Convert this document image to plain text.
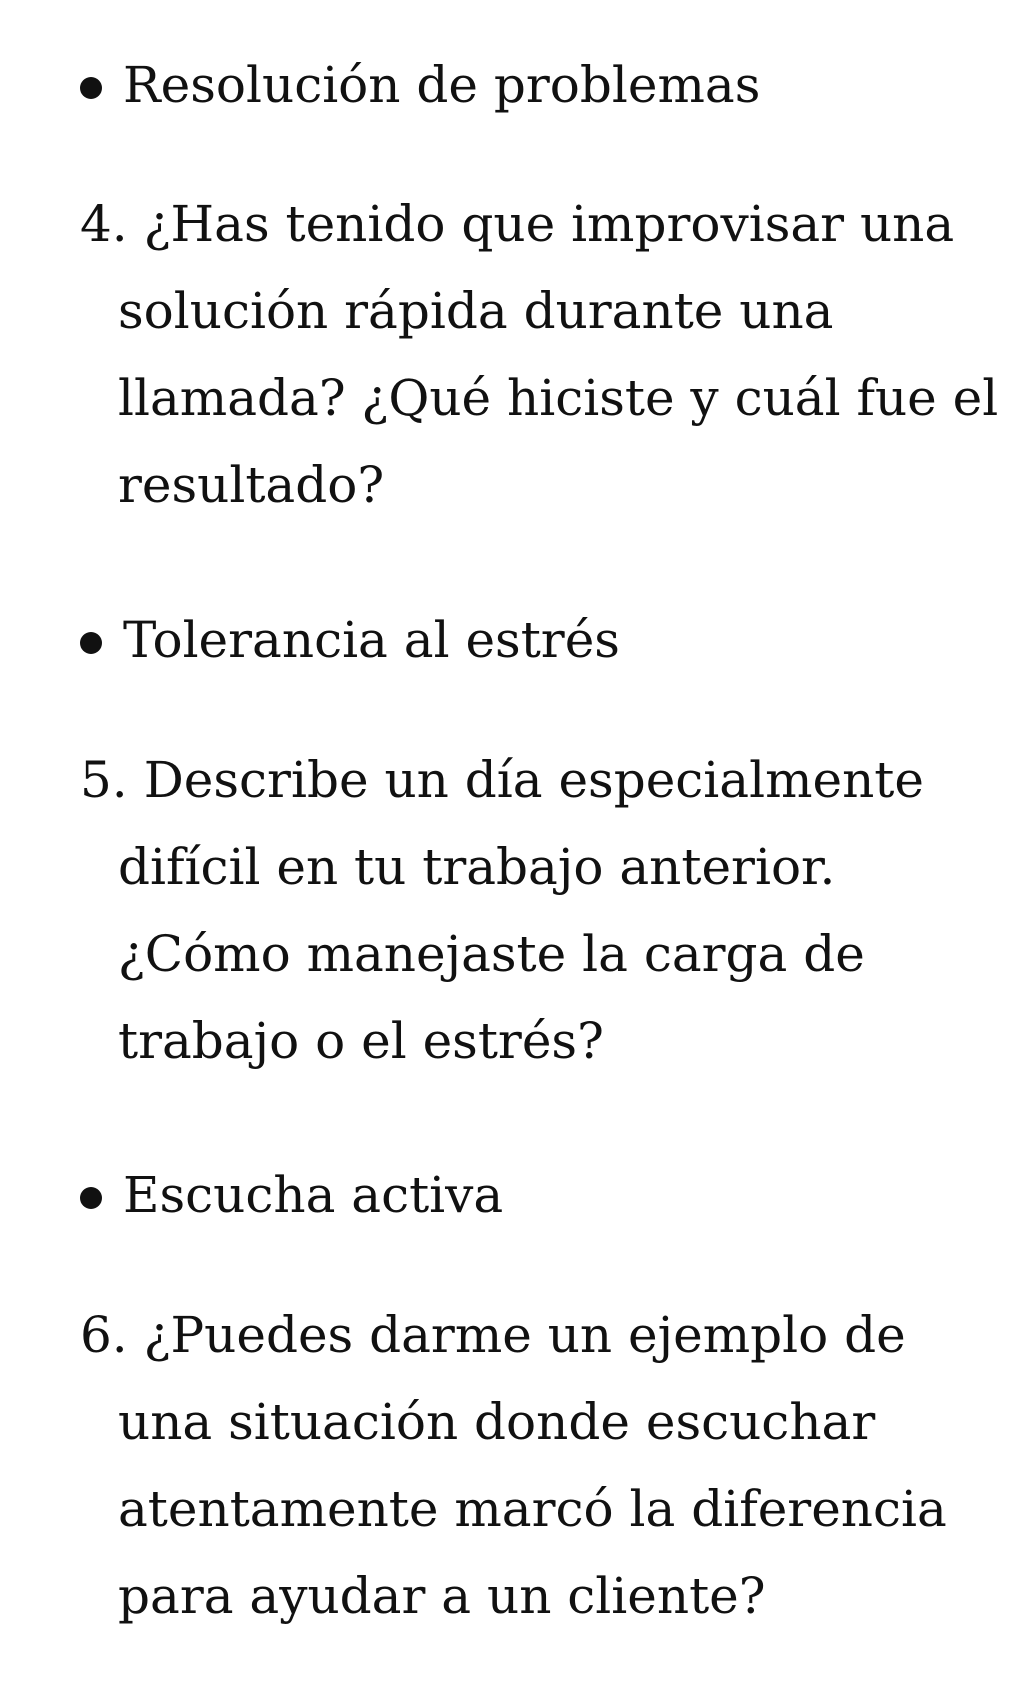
Resolución de problemas
4. ¿Has tenido que improvisar una
solución rápida durante una
llamada? ¿Qué hiciste y cuál fue el
resultado?
Tolerancia al estrés
5. Describe un día especialmente
difícil en tu trabajo anterior.
¿Cómo manejaste la carga de
trabajo o el estrés?
Escucha activa
6. ¿Puedes darme un ejemplo de
una situación donde escuchar
atentamente marcó la diferencia
para ayudar a un cliente?
